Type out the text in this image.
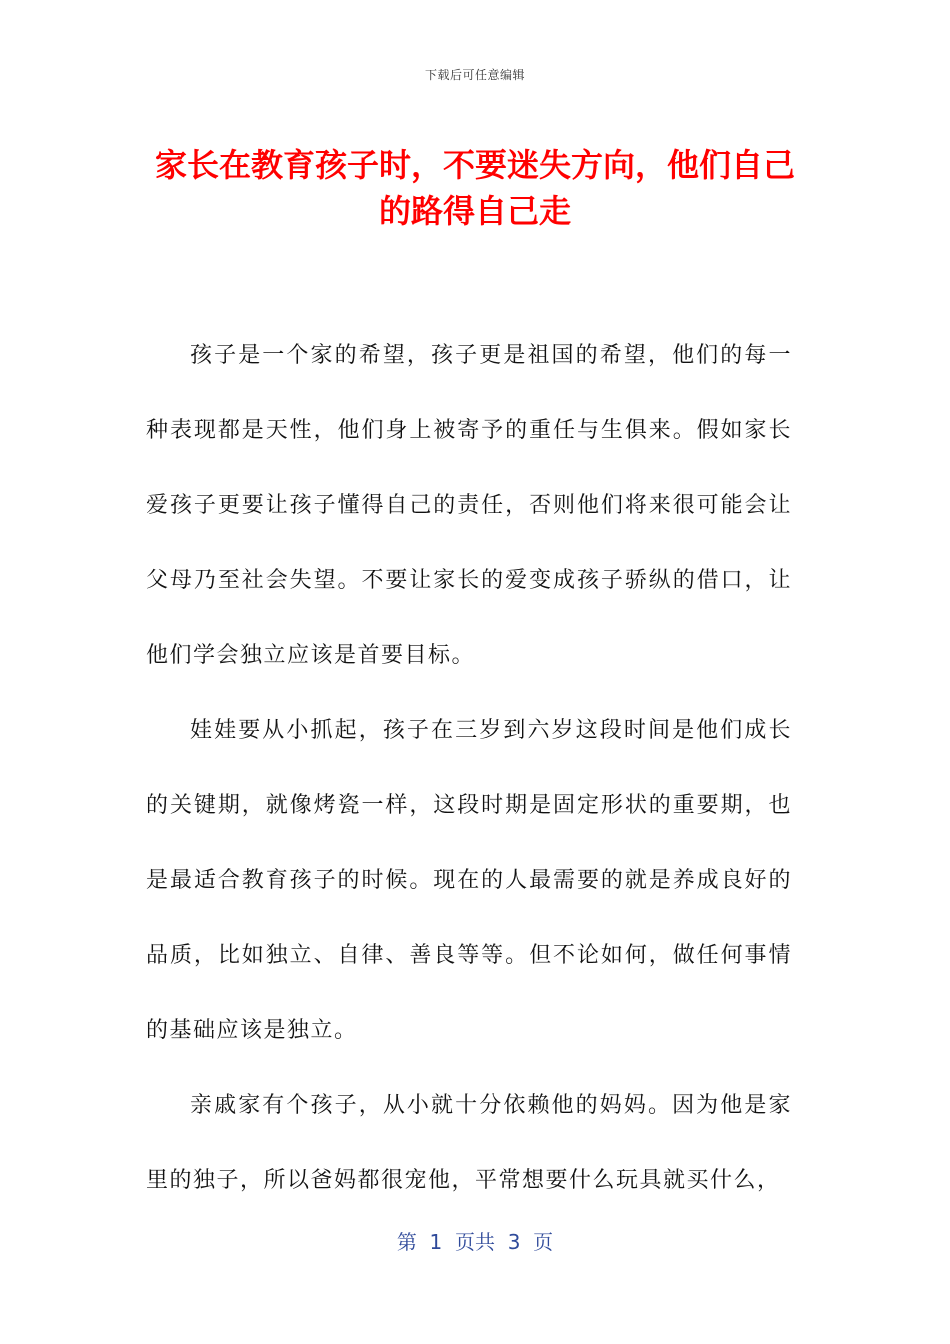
下载后可任意编辑
家长在教育孩子时，不要迷失方向，他们自己的路得自己走

孩子是一个家的希望，孩子更是祖国的希望，他们的每一种表现都是天性，他们身上被寄予的重任与生俱来。假如家长爱孩子更要让孩子懂得自己的责任，否则他们将来很可能会让父母乃至社会失望。不要让家长的爱变成孩子骄纵的借口，让他们学会独立应该是首要目标。

娃娃要从小抓起，孩子在三岁到六岁这段时间是他们成长的关键期，就像烤瓷一样，这段时期是固定形状的重要期，也是最适合教育孩子的时候。现在的人最需要的就是养成良好的品质，比如独立、自律、善良等等。但不论如何，做任何事情的基础应该是独立。

亲戚家有个孩子，从小就十分依赖他的妈妈。因为他是家里的独子，所以爸妈都很宠他，平常想要什么玩具就买什么，

第  1  页共  3  页
